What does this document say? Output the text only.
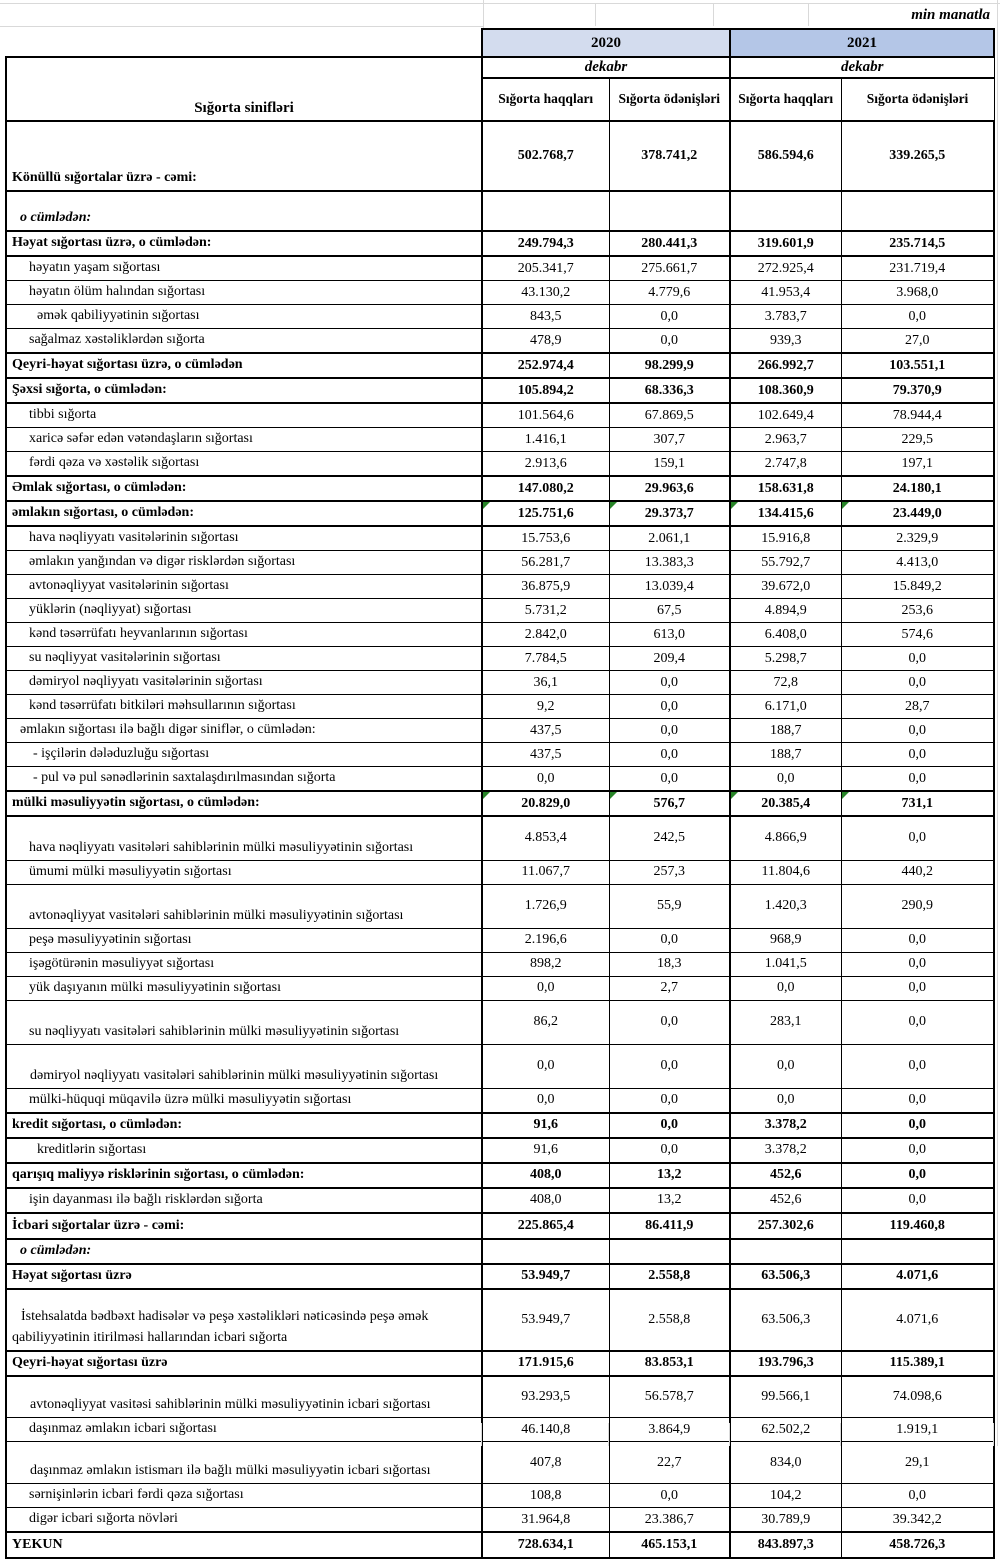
min manatla
	2020		2021	
Sığorta sinifləri	dekabr		dekabr	
	Sığorta haqqları	Sığorta ödənişləri	Sığorta haqqları	Sığorta ödənişləri
Könüllü sığortalar üzrə - cəmi:	502.768,7	378.741,2	586.594,6	339.265,5
o cümlədən:				
Həyat sığortası üzrə, o cümlədən:	249.794,3	280.441,3	319.601,9	235.714,5
həyatın yaşam sığortası	205.341,7	275.661,7	272.925,4	231.719,4
həyatın ölüm halından sığortası	43.130,2	4.779,6	41.953,4	3.968,0
əmək qabiliyyətinin sığortası	843,5	0,0	3.783,7	0,0
sağalmaz xəstəliklərdən sığorta	478,9	0,0	939,3	27,0
Qeyri-həyat sığortası üzrə, o cümlədən	252.974,4	98.299,9	266.992,7	103.551,1
Şəxsi sığorta, o cümlədən:	105.894,2	68.336,3	108.360,9	79.370,9
tibbi sığorta	101.564,6	67.869,5	102.649,4	78.944,4
xaricə səfər edən vətəndaşların sığortası	1.416,1	307,7	2.963,7	229,5
fərdi qəza və xəstəlik sığortası	2.913,6	159,1	2.747,8	197,1
Əmlak sığortası, o cümlədən:	147.080,2	29.963,6	158.631,8	24.180,1
əmlakın sığortası, o cümlədən:	125.751,6	29.373,7	134.415,6	23.449,0
hava nəqliyyatı vasitələrinin sığortası	15.753,6	2.061,1	15.916,8	2.329,9
əmlakın yanğından və digər risklərdən sığortası	56.281,7	13.383,3	55.792,7	4.413,0
avtonəqliyyat vasitələrinin sığortası	36.875,9	13.039,4	39.672,0	15.849,2
yüklərin (nəqliyyat) sığortası	5.731,2	67,5	4.894,9	253,6
kənd təsərrüfatı heyvanlarının sığortası	2.842,0	613,0	6.408,0	574,6
su nəqliyyat vasitələrinin sığortası	7.784,5	209,4	5.298,7	0,0
dəmiryol nəqliyyatı vasitələrinin sığortası	36,1	0,0	72,8	0,0
kənd təsərrüfatı bitkiləri məhsullarının sığortası	9,2	0,0	6.171,0	28,7
əmlakın sığortası ilə bağlı digər siniflər, o cümlədən:	437,5	0,0	188,7	0,0
- işçilərin dələduzluğu sığortası	437,5	0,0	188,7	0,0
- pul və pul sənədlərinin saxtalaşdırılmasından sığorta	0,0	0,0	0,0	0,0
mülki məsuliyyətin sığortası, o cümlədən:	20.829,0	576,7	20.385,4	731,1
hava nəqliyyatı vasitələri sahiblərinin mülki məsuliyyətinin sığortası	4.853,4	242,5	4.866,9	0,0
ümumi mülki məsuliyyətin sığortası	11.067,7	257,3	11.804,6	440,2
avtonəqliyyat vasitələri sahiblərinin mülki məsuliyyətinin sığortası	1.726,9	55,9	1.420,3	290,9
peşə məsuliyyətinin sığortası	2.196,6	0,0	968,9	0,0
işəgötürənin məsuliyyət sığortası	898,2	18,3	1.041,5	0,0
yük daşıyanın mülki məsuliyyətinin sığortası	0,0	2,7	0,0	0,0
su nəqliyyatı vasitələri sahiblərinin mülki məsuliyyətinin sığortası	86,2	0,0	283,1	0,0
dəmiryol nəqliyyatı vasitələri sahiblərinin mülki məsuliyyətinin sığortası	0,0	0,0	0,0	0,0
mülki-hüquqi müqavilə üzrə mülki məsuliyyətin sığortası	0,0	0,0	0,0	0,0
kredit sığortası, o cümlədən:	91,6	0,0	3.378,2	0,0
kreditlərin sığortası	91,6	0,0	3.378,2	0,0
qarışıq maliyyə risklərinin sığortası, o cümlədən:	408,0	13,2	452,6	0,0
işin dayanması ilə bağlı risklərdən sığorta	408,0	13,2	452,6	0,0
İcbari sığortalar üzrə - cəmi:	225.865,4	86.411,9	257.302,6	119.460,8
o cümlədən:				
Həyat sığortası üzrə	53.949,7	2.558,8	63.506,3	4.071,6
İstehsalatda bədbəxt hadisələr və peşə xəstəlikləri nəticəsində peşə əmək qabiliyyətinin itirilməsi hallarından icbari sığorta	53.949,7	2.558,8	63.506,3	4.071,6
Qeyri-həyat sığortası üzrə	171.915,6	83.853,1	193.796,3	115.389,1
avtonəqliyyat vasitəsi sahiblərinin mülki məsuliyyətinin icbari sığortası	93.293,5	56.578,7	99.566,1	74.098,6
daşınmaz əmlakın icbari sığortası	46.140,8	3.864,9	62.502,2	1.919,1
daşınmaz əmlakın istismarı ilə bağlı mülki məsuliyyətin icbari sığortası	407,8	22,7	834,0	29,1
sərnişinlərin icbari fərdi qəza sığortası	108,8	0,0	104,2	0,0
digər icbari sığorta növləri	31.964,8	23.386,7	30.789,9	39.342,2
YEKUN	728.634,1	465.153,1	843.897,3	458.726,3
